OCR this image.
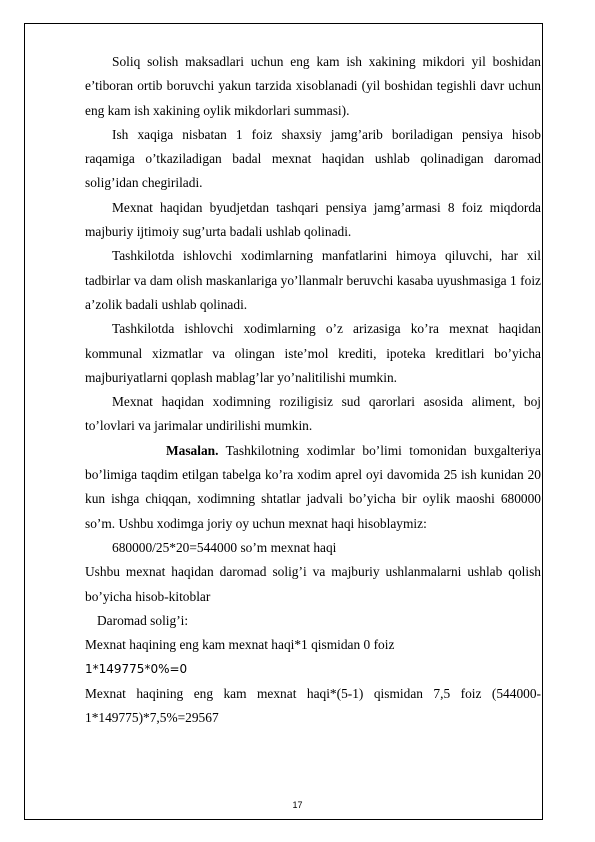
Soliq solish maksadlari uchun eng kam ish xakining mikdori yil boshidan e’tiboran ortib boruvchi yakun tarzida xisoblanadi (yil boshidan tegishli davr uchun eng kam ish xakining oylik mikdorlari summasi).

Ish xaqiga nisbatan 1 foiz shaxsiy jamg’arib boriladigan pensiya hisob raqamiga o’tkaziladigan badal mexnat haqidan ushlab qolinadigan daromad solig’idan chegiriladi.

Mexnat haqidan byudjetdan tashqari pensiya jamg’armasi 8 foiz miqdorda majburiy ijtimoiy sug’urta badali ushlab qolinadi.

Tashkilotda ishlovchi xodimlarning manfatlarini himoya qiluvchi, har xil tadbirlar va dam olish maskanlariga yo’llanmalr beruvchi kasaba uyushmasiga 1 foiz a’zolik badali ushlab qolinadi.

Tashkilotda ishlovchi xodimlarning o’z arizasiga ko’ra mexnat haqidan kommunal xizmatlar va olingan iste’mol krediti, ipoteka kreditlari bo’yicha majburiyatlarni qoplash mablag’lar yo’nalitilishi mumkin.

Mexnat haqidan xodimning roziligisiz sud qarorlari asosida aliment, boj to’lovlari va jarimalar undirilishi mumkin.

Masalan. Tashkilotning xodimlar bo’limi tomonidan buxgalteriya bo’limiga taqdim etilgan tabelga ko’ra xodim aprel oyi davomida 25 ish kunidan 20 kun ishga chiqqan, xodimning shtatlar jadvali bo’yicha bir oylik maoshi 680000 so’m. Ushbu xodimga joriy oy uchun mexnat haqi hisoblaymiz:

680000/25*20=544000 so’m mexnat haqi

Ushbu mexnat haqidan daromad solig’i va majburiy ushlanmalarni ushlab qolish bo’yicha hisob-kitoblar

Daromad solig’i:

Mexnat haqining eng kam mexnat haqi*1 qismidan 0 foiz

1*149775*0%=0

Mexnat haqining eng kam mexnat haqi*(5-1) qismidan 7,5 foiz (544000-1*149775)*7,5%=29567

17
